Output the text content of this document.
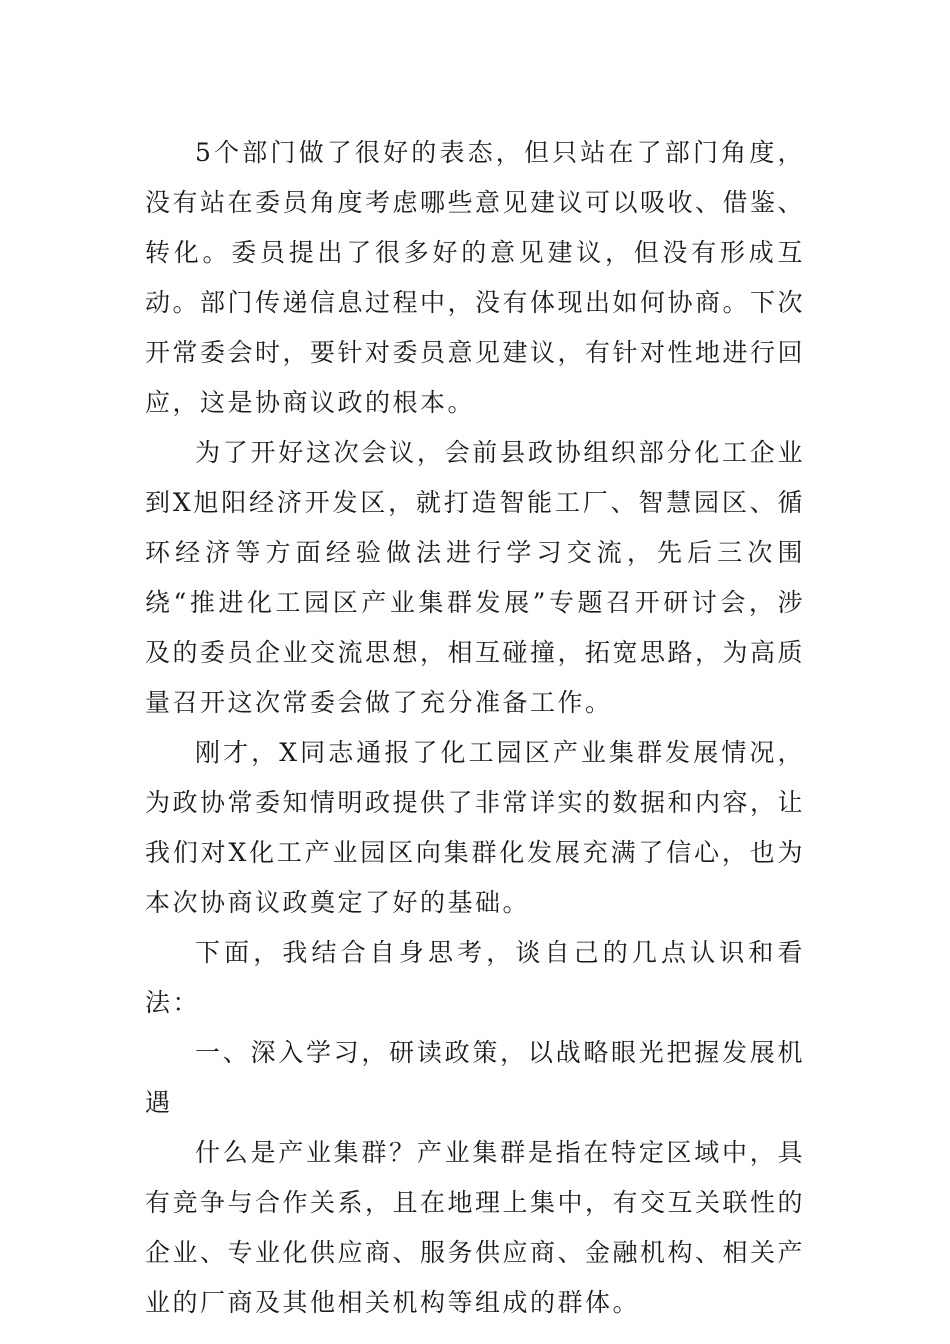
5个部门做了很好的表态，但只站在了部门角度，没有站在委员角度考虑哪些意见建议可以吸收、借鉴、转化。委员提出了很多好的意见建议，但没有形成互动。部门传递信息过程中，没有体现出如何协商。下次开常委会时，要针对委员意见建议，有针对性地进行回应，这是协商议政的根本。

为了开好这次会议，会前县政协组织部分化工企业到X旭阳经济开发区，就打造智能工厂、智慧园区、循环经济等方面经验做法进行学习交流，先后三次围绕“推进化工园区产业集群发展”专题召开研讨会，涉及的委员企业交流思想，相互碰撞，拓宽思路，为高质量召开这次常委会做了充分准备工作。

刚才，X同志通报了化工园区产业集群发展情况，为政协常委知情明政提供了非常详实的数据和内容，让我们对X化工产业园区向集群化发展充满了信心，也为本次协商议政奠定了好的基础。

下面，我结合自身思考，谈自己的几点认识和看法：

一、深入学习，研读政策，以战略眼光把握发展机遇

什么是产业集群？产业集群是指在特定区域中，具有竞争与合作关系，且在地理上集中，有交互关联性的企业、专业化供应商、服务供应商、金融机构、相关产业的厂商及其他相关机构等组成的群体。
